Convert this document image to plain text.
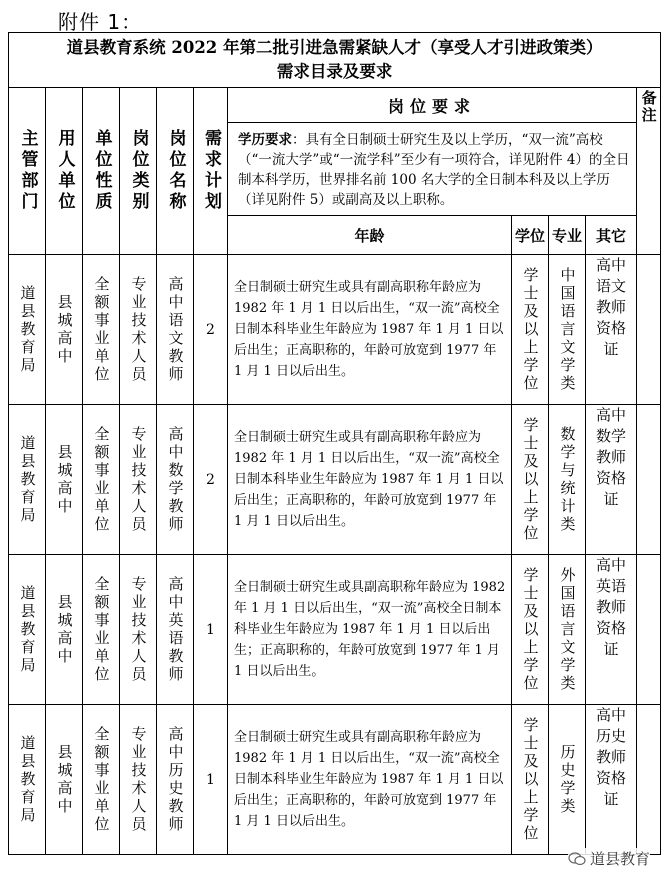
附件 1：
道县教育系统 2022 年第二批引进急需紧缺人才（享受人才引进政策类）
需求目录及要求										

主管部门	用人单位	单位性质	岗位类别	岗位名称	需求计划	岗位要求				备注
						学历要求：具有全日制硕士研究生及以上学历，“双一流”高校（“一流大学”或“一流学科”至少有一项符合，详见附件 4）的全日制本科学历，世界排名前 100 名大学的全日制本科及以上学历（详见附件 5）或副高及以上职称。				
						年龄	学位	专业	其它	

道县教育局	县城高中	全额事业单位	专业技术人员	高中语文教师	2	全日制硕士研究生或具有副高职称年龄应为 1982 年 1 月 1 日以后出生，“双一流”高校全日制本科毕业生年龄应为 1987 年 1 月 1 日以后出生；正高职称的，年龄可放宽到 1977 年 1 月 1 日以后出生。	学士及以上学位	中国语言文学类	高中语文教师资格证	

道县教育局	县城高中	全额事业单位	专业技术人员	高中数学教师	2	全日制硕士研究生或具有副高职称年龄应为 1982 年 1 月 1 日以后出生，“双一流”高校全日制本科毕业生年龄应为 1987 年 1 月 1 日以后出生；正高职称的，年龄可放宽到 1977 年 1 月 1 日以后出生。	学士及以上学位	数学与统计类	高中数学教师资格证	

道县教育局	县城高中	全额事业单位	专业技术人员	高中英语教师	1	全日制硕士研究生或具副高职称年龄应为 1982 年 1 月 1 日以后出生，“双一流”高校全日制本科毕业生年龄应为 1987 年 1 月 1 日以后出生；正高职称的，年龄可放宽到 1977 年 1 月 1 日以后出生。	学士及以上学位	外国语言文学类	高中英语教师资格证	

道县教育局	县城高中	全额事业单位	专业技术人员	高中历史教师	1	全日制硕士研究生或具有副高职称年龄应为 1982 年 1 月 1 日以后出生，“双一流”高校全日制本科毕业生年龄应为 1987 年 1 月 1 日以后出生；正高职称的，年龄可放宽到 1977 年 1 月 1 日以后出生。	学士及以上学位	历史学类	高中历史教师资格证	

道县教育
